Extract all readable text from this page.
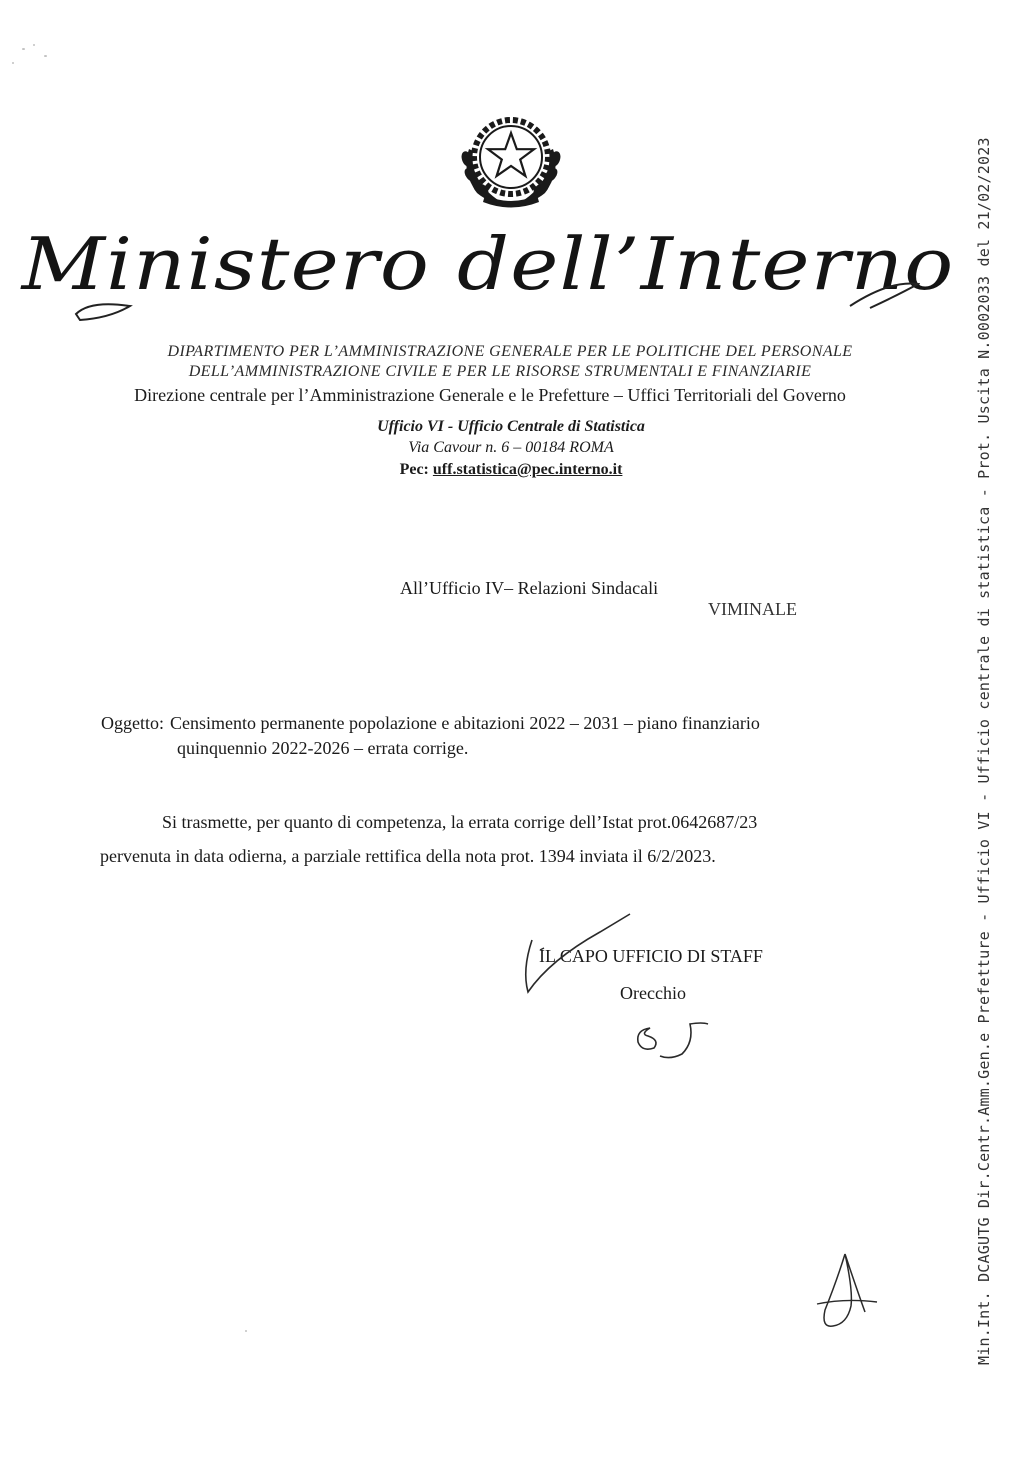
Ministero dell’Interno
DIPARTIMENTO PER L’AMMINISTRAZIONE GENERALE PER LE POLITICHE DEL PERSONALE
DELL’AMMINISTRAZIONE CIVILE E PER LE RISORSE STRUMENTALI E FINANZIARIE
Direzione centrale per l’Amministrazione Generale e le Prefetture – Uffici Territoriali del Governo
Ufficio VI - Ufficio Centrale di Statistica
Via Cavour n. 6 – 00184 ROMA
Pec: uff.statistica@pec.interno.it
All’Ufficio IV– Relazioni Sindacali
VIMINALE
Oggetto: Censimento permanente popolazione e abitazioni 2022 – 2031 – piano finanziario
quinquennio 2022-2026 – errata corrige.
Si trasmette, per quanto di competenza, la errata corrige dell’Istat prot.0642687/23
pervenuta in data odierna, a parziale rettifica della nota prot. 1394 inviata il 6/2/2023.
IL CAPO UFFICIO DI STAFF
Orecchio	Min.Int. DCAGUTG Dir.Centr.Amm.Gen.e Prefetture - Ufficio VI - Ufficio centrale di statistica - Prot. Uscita N.0002033 del 21/02/2023
